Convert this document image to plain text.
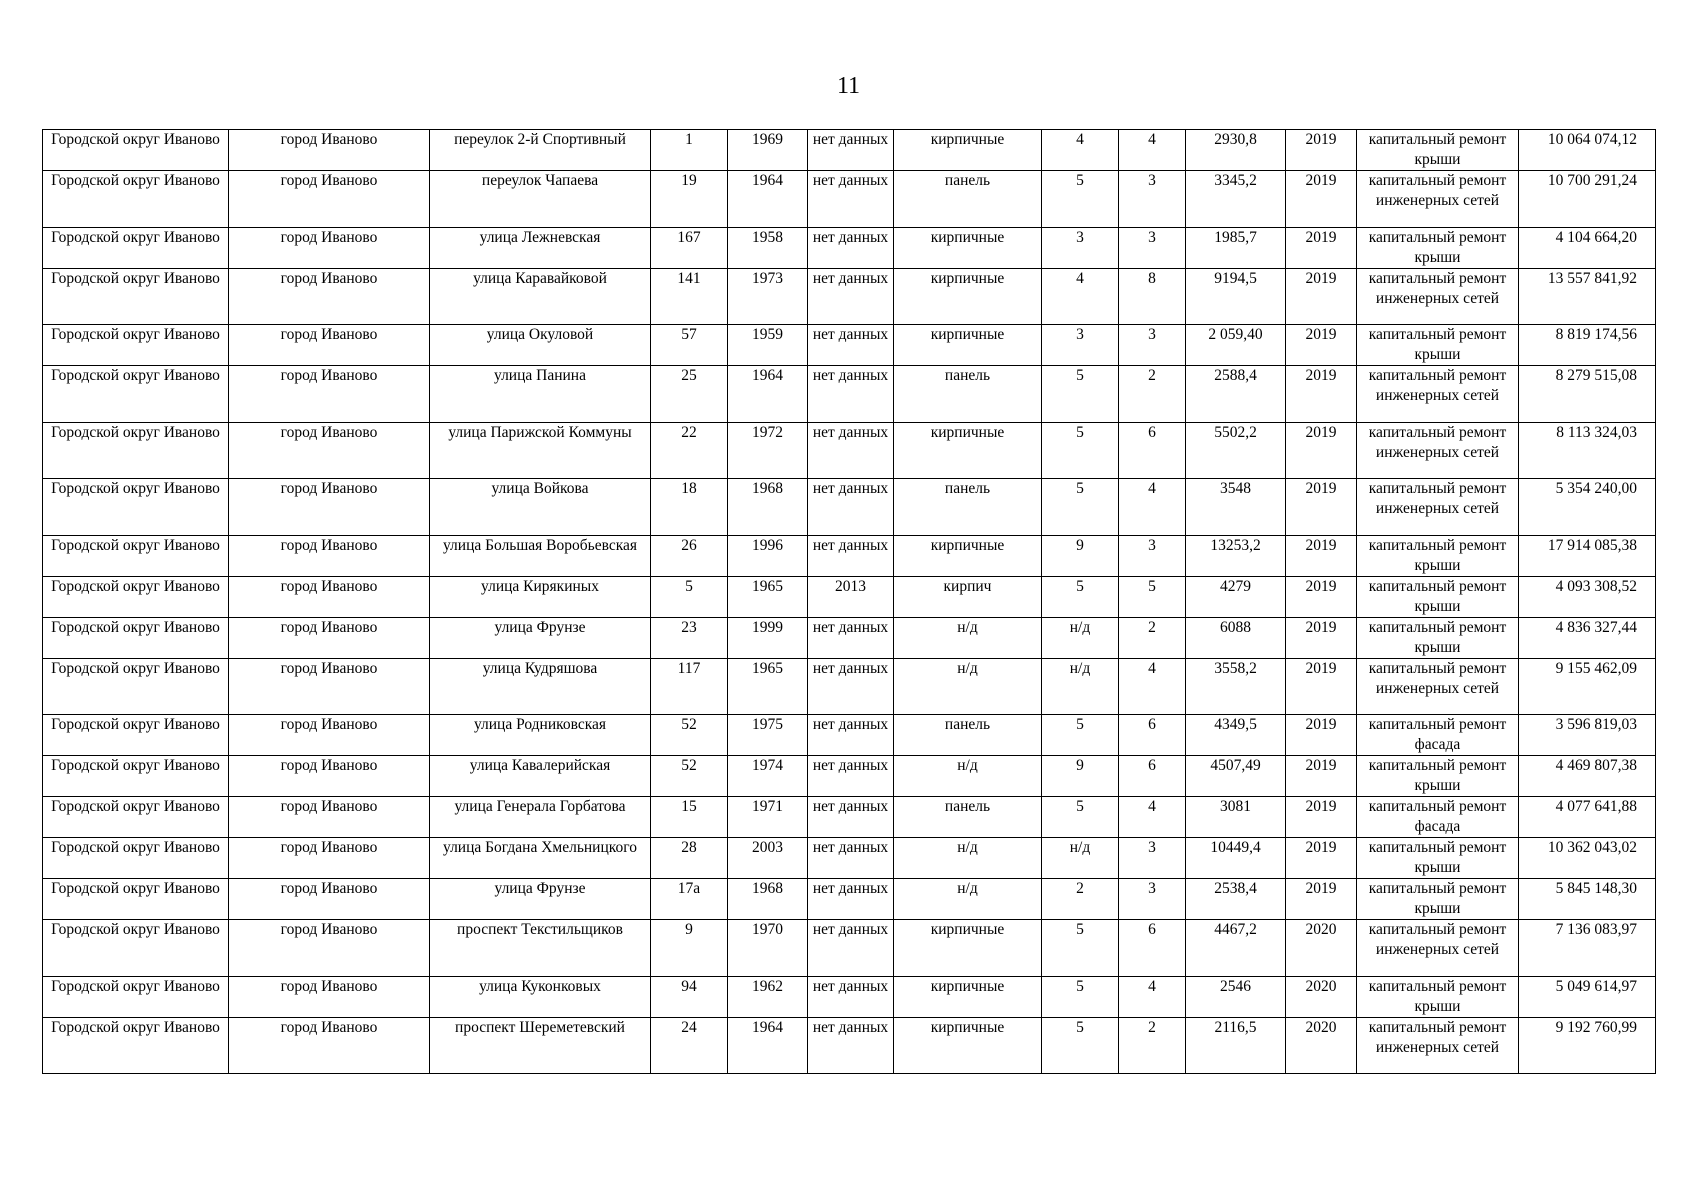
11
Городской округ Иваново	город Иваново	переулок 2-й Спортивный	1	1969	нет данных	кирпичные	4	4	2930,8	2019	капитальный ремонт крыши	10 064 074,12
Городской округ Иваново	город Иваново	переулок Чапаева	19	1964	нет данных	панель	5	3	3345,2	2019	капитальный ремонт инженерных сетей	10 700 291,24
Городской округ Иваново	город Иваново	улица Лежневская	167	1958	нет данных	кирпичные	3	3	1985,7	2019	капитальный ремонт крыши	4 104 664,20
Городской округ Иваново	город Иваново	улица Каравайковой	141	1973	нет данных	кирпичные	4	8	9194,5	2019	капитальный ремонт инженерных сетей	13 557 841,92
Городской округ Иваново	город Иваново	улица Окуловой	57	1959	нет данных	кирпичные	3	3	2 059,40	2019	капитальный ремонт крыши	8 819 174,56
Городской округ Иваново	город Иваново	улица Панина	25	1964	нет данных	панель	5	2	2588,4	2019	капитальный ремонт инженерных сетей	8 279 515,08
Городской округ Иваново	город Иваново	улица Парижской Коммуны	22	1972	нет данных	кирпичные	5	6	5502,2	2019	капитальный ремонт инженерных сетей	8 113 324,03
Городской округ Иваново	город Иваново	улица Войкова	18	1968	нет данных	панель	5	4	3548	2019	капитальный ремонт инженерных сетей	5 354 240,00
Городской округ Иваново	город Иваново	улица Большая Воробьевская	26	1996	нет данных	кирпичные	9	3	13253,2	2019	капитальный ремонт крыши	17 914 085,38
Городской округ Иваново	город Иваново	улица Кирякиных	5	1965	2013	кирпич	5	5	4279	2019	капитальный ремонт крыши	4 093 308,52
Городской округ Иваново	город Иваново	улица Фрунзе	23	1999	нет данных	н/д	н/д	2	6088	2019	капитальный ремонт крыши	4 836 327,44
Городской округ Иваново	город Иваново	улица Кудряшова	117	1965	нет данных	н/д	н/д	4	3558,2	2019	капитальный ремонт инженерных сетей	9 155 462,09
Городской округ Иваново	город Иваново	улица Родниковская	52	1975	нет данных	панель	5	6	4349,5	2019	капитальный ремонт фасада	3 596 819,03
Городской округ Иваново	город Иваново	улица Кавалерийская	52	1974	нет данных	н/д	9	6	4507,49	2019	капитальный ремонт крыши	4 469 807,38
Городской округ Иваново	город Иваново	улица Генерала Горбатова	15	1971	нет данных	панель	5	4	3081	2019	капитальный ремонт фасада	4 077 641,88
Городской округ Иваново	город Иваново	улица Богдана Хмельницкого	28	2003	нет данных	н/д	н/д	3	10449,4	2019	капитальный ремонт крыши	10 362 043,02
Городской округ Иваново	город Иваново	улица Фрунзе	17а	1968	нет данных	н/д	2	3	2538,4	2019	капитальный ремонт крыши	5 845 148,30
Городской округ Иваново	город Иваново	проспект Текстильщиков	9	1970	нет данных	кирпичные	5	6	4467,2	2020	капитальный ремонт инженерных сетей	7 136 083,97
Городской округ Иваново	город Иваново	улица Куконковых	94	1962	нет данных	кирпичные	5	4	2546	2020	капитальный ремонт крыши	5 049 614,97
Городской округ Иваново	город Иваново	проспект Шереметевский	24	1964	нет данных	кирпичные	5	2	2116,5	2020	капитальный ремонт инженерных сетей	9 192 760,99
